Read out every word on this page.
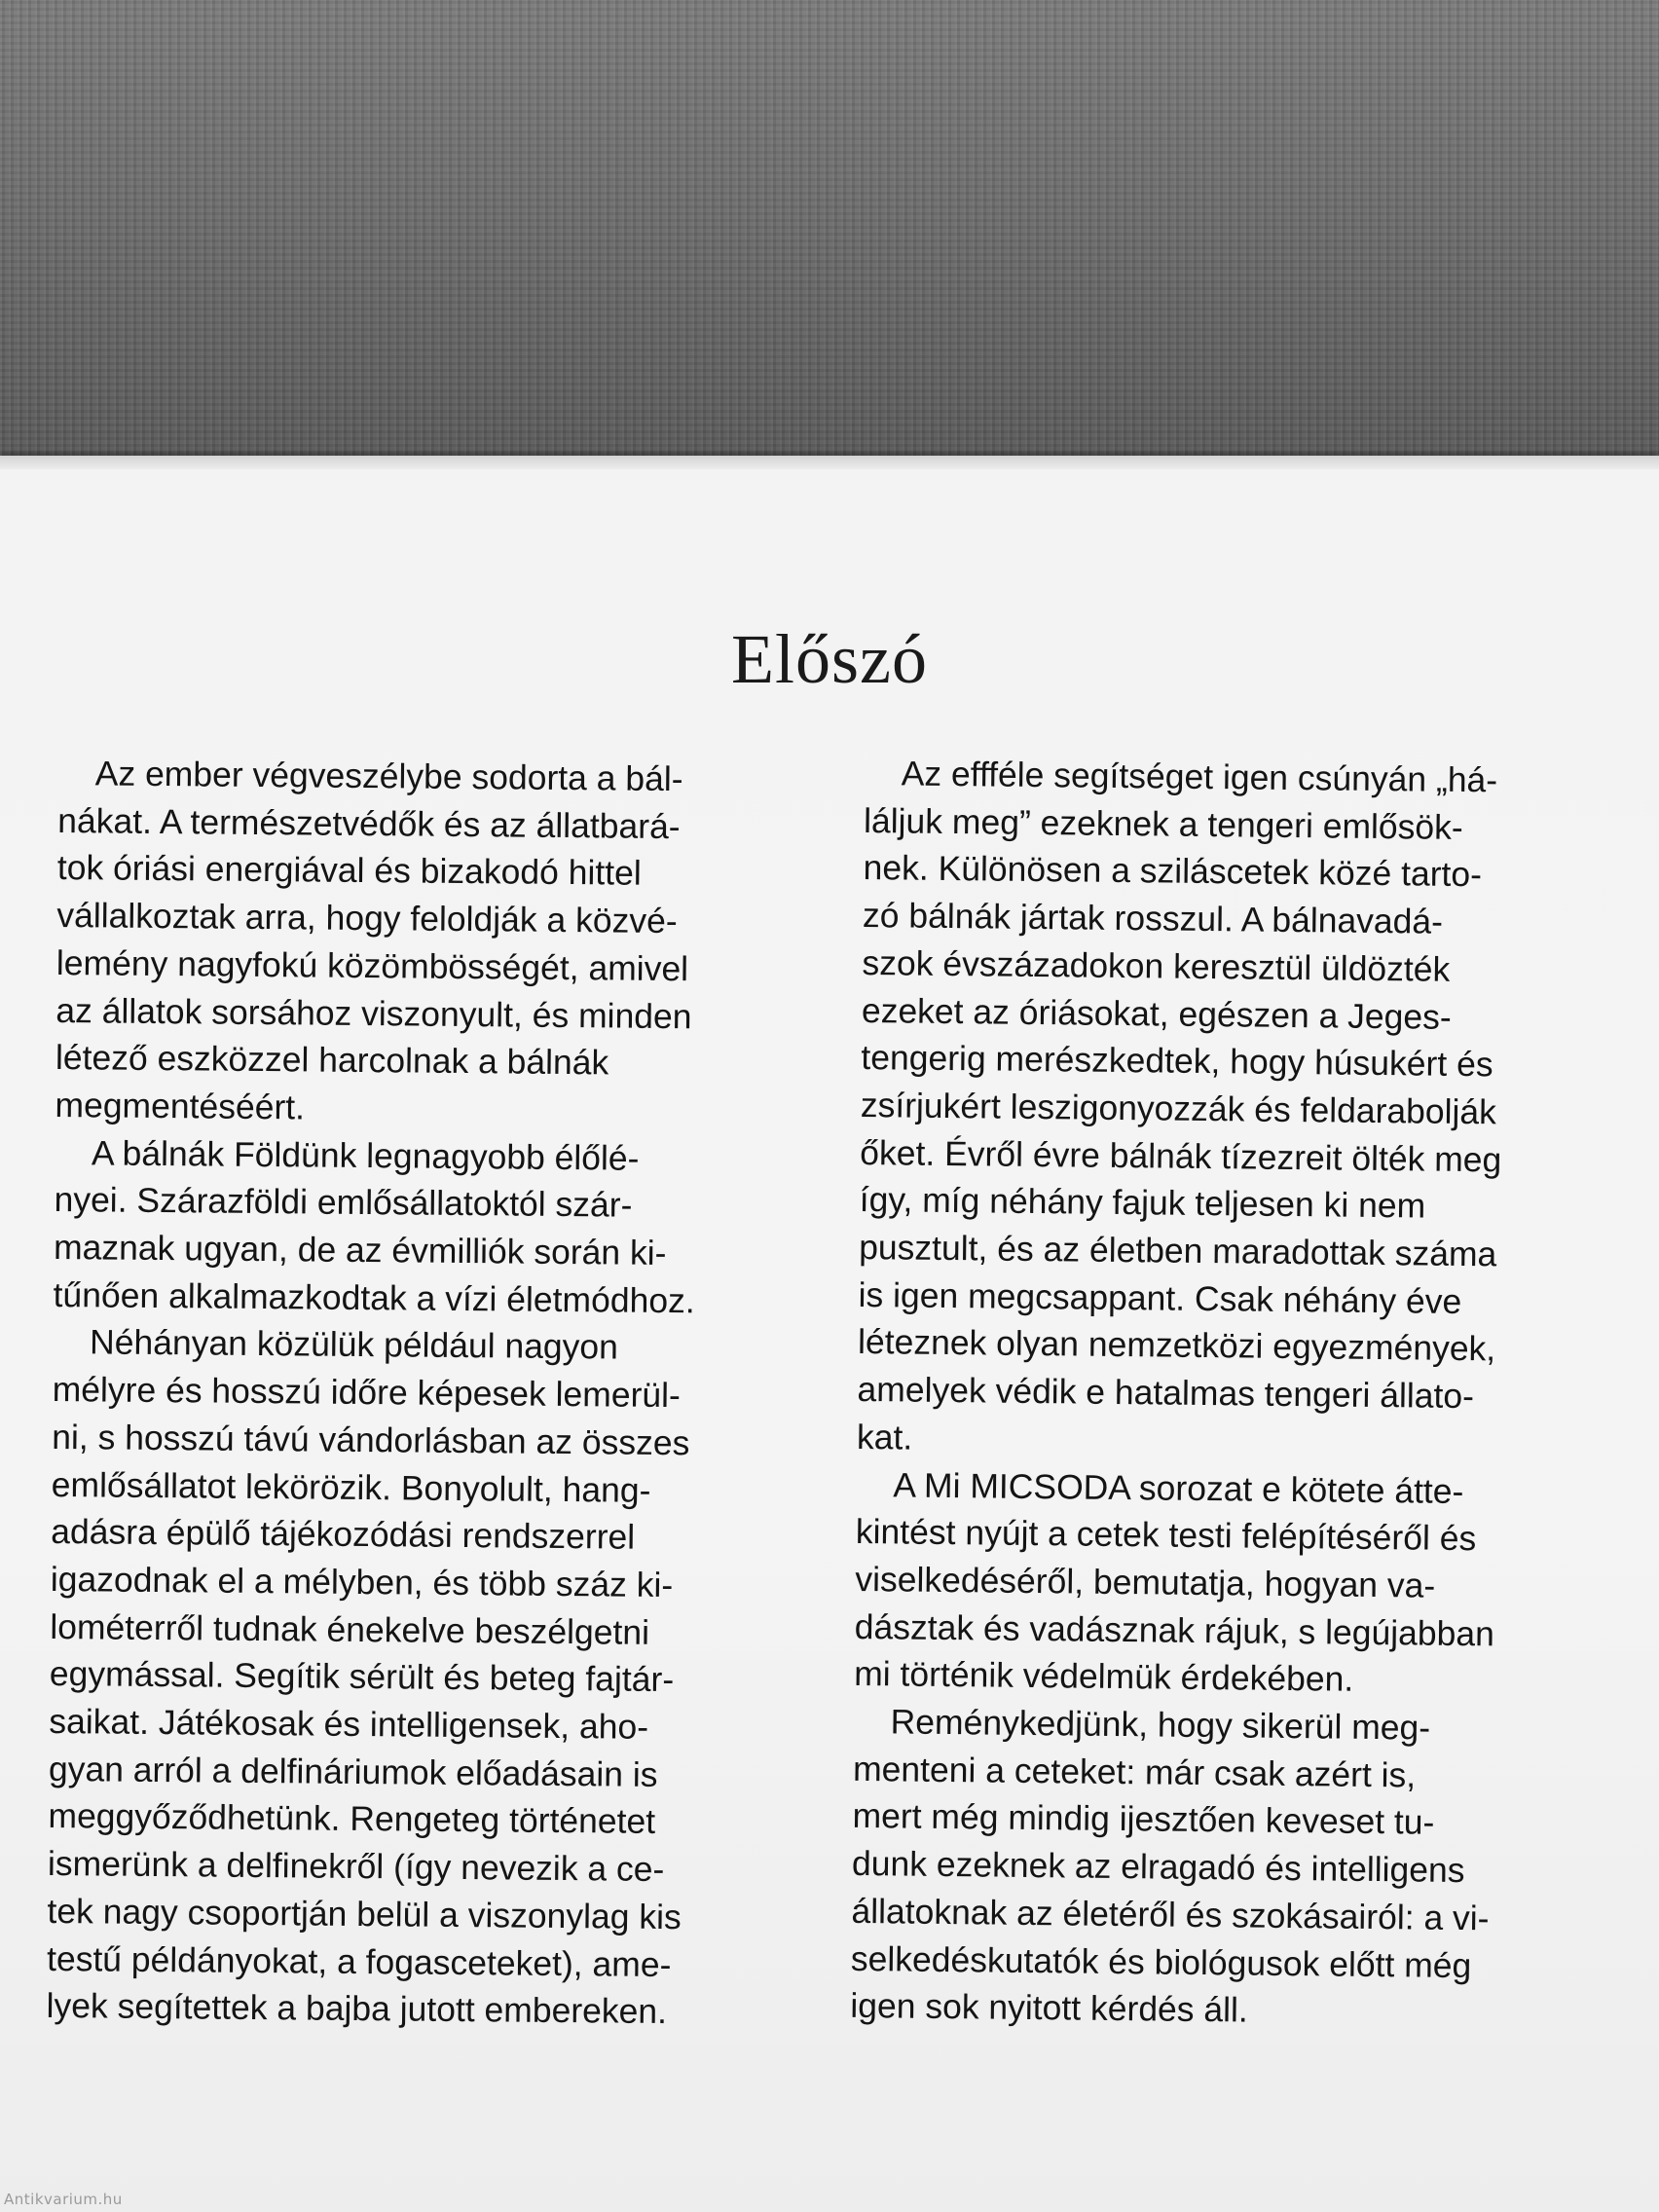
Előszó
Az ember végveszélybe sodorta a bál-
nákat. A természetvédők és az állatbará-
tok óriási energiával és bizakodó hittel
vállalkoztak arra, hogy feloldják a közvé-
lemény nagyfokú közömbösségét, amivel
az állatok sorsához viszonyult, és minden
létező eszközzel harcolnak a bálnák
megmentéséért.
A bálnák Földünk legnagyobb élőlé-
nyei. Szárazföldi emlősállatoktól szár-
maznak ugyan, de az évmilliók során ki-
tűnően alkalmazkodtak a vízi életmódhoz.
Néhányan közülük például nagyon
mélyre és hosszú időre képesek lemerül-
ni, s hosszú távú vándorlásban az összes
emlősállatot lekörözik. Bonyolult, hang-
adásra épülő tájékozódási rendszerrel
igazodnak el a mélyben, és több száz ki-
lométerről tudnak énekelve beszélgetni
egymással. Segítik sérült és beteg fajtár-
saikat. Játékosak és intelligensek, aho-
gyan arról a delfináriumok előadásain is
meggyőződhetünk. Rengeteg történetet
ismerünk a delfinekről (így nevezik a ce-
tek nagy csoportján belül a viszonylag kis
testű példányokat, a fogasceteket), ame-
lyek segítettek a bajba jutott embereken.
Az effféle segítséget igen csúnyán „há-
láljuk meg” ezeknek a tengeri emlősök-
nek. Különösen a sziláscetek közé tarto-
zó bálnák jártak rosszul. A bálnavadá-
szok évszázadokon keresztül üldözték
ezeket az óriásokat, egészen a Jeges-
tengerig merészkedtek, hogy húsukért és
zsírjukért leszigonyozzák és feldarabolják
őket. Évről évre bálnák tízezreit ölték meg
így, míg néhány fajuk teljesen ki nem
pusztult, és az életben maradottak száma
is igen megcsappant. Csak néhány éve
léteznek olyan nemzetközi egyezmények,
amelyek védik e hatalmas tengeri állato-
kat.
A Mi MICSODA sorozat e kötete átte-
kintést nyújt a cetek testi felépítéséről és
viselkedéséről, bemutatja, hogyan va-
dásztak és vadásznak rájuk, s legújabban
mi történik védelmük érdekében.
Reménykedjünk, hogy sikerül meg-
menteni a ceteket: már csak azért is,
mert még mindig ijesztően keveset tu-
dunk ezeknek az elragadó és intelligens
állatoknak az életéről és szokásairól: a vi-
selkedéskutatók és biológusok előtt még
igen sok nyitott kérdés áll.
Antikvarium.hu
